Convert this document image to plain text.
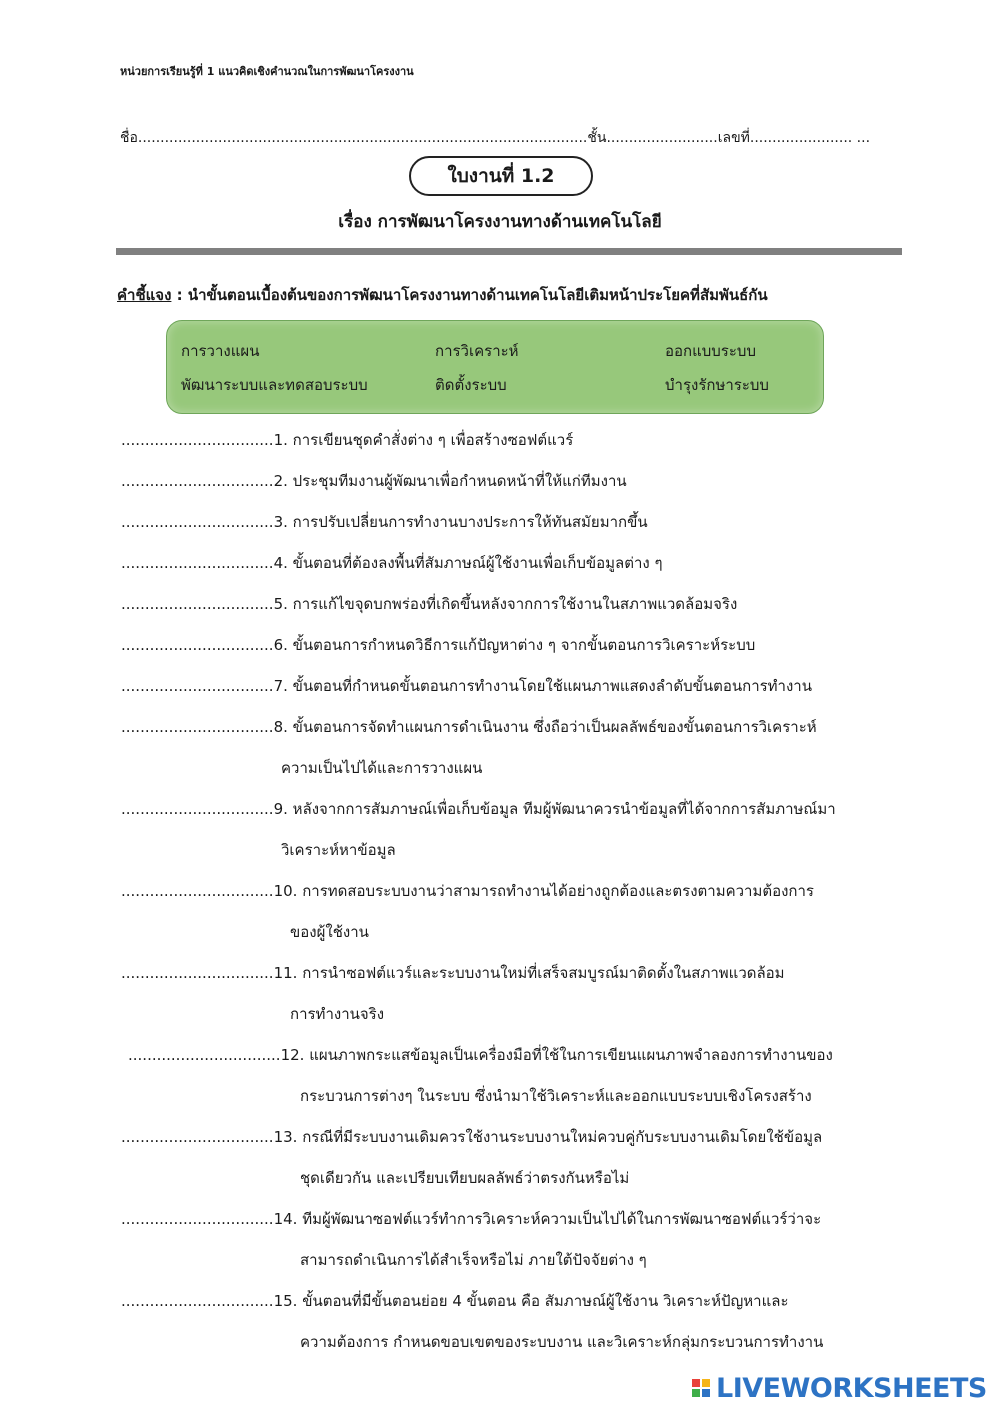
หน่วยการเรียนรู้ที่ 1 แนวคิดเชิงคำนวณในการพัฒนาโครงงาน
ชื่อ.....................................................................................................ชั้น.........................เลขที่....................... ...
ใบงานที่ 1.2
เรื่อง การพัฒนาโครงงานทางด้านเทคโนโลยี
คำชี้แจง : นำขั้นตอนเบื้องต้นของการพัฒนาโครงงานทางด้านเทคโนโลยีเติมหน้าประโยคที่สัมพันธ์กัน
การวางแผน	การวิเคราะห์	ออกแบบระบบ
พัฒนาระบบและทดสอบระบบ	ติดตั้งระบบ	บำรุงรักษาระบบ
................................1. การเขียนชุดคำสั่งต่าง ๆ เพื่อสร้างซอฟต์แวร์
................................2. ประชุมทีมงานผู้พัฒนาเพื่อกำหนดหน้าที่ให้แก่ทีมงาน
................................3. การปรับเปลี่ยนการทำงานบางประการให้ทันสมัยมากขึ้น
................................4. ขั้นตอนที่ต้องลงพื้นที่สัมภาษณ์ผู้ใช้งานเพื่อเก็บข้อมูลต่าง ๆ
................................5. การแก้ไขจุดบกพร่องที่เกิดขึ้นหลังจากการใช้งานในสภาพแวดล้อมจริง
................................6. ขั้นตอนการกำหนดวิธีการแก้ปัญหาต่าง ๆ จากขั้นตอนการวิเคราะห์ระบบ
................................7. ขั้นตอนที่กำหนดขั้นตอนการทำงานโดยใช้แผนภาพแสดงลำดับขั้นตอนการทำงาน
................................8. ขั้นตอนการจัดทำแผนการดำเนินงาน ซึ่งถือว่าเป็นผลลัพธ์ของขั้นตอนการวิเคราะห์
ความเป็นไปได้และการวางแผน
................................9. หลังจากการสัมภาษณ์เพื่อเก็บข้อมูล ทีมผู้พัฒนาควรนำข้อมูลที่ได้จากการสัมภาษณ์มา
วิเคราะห์หาข้อมูล
................................10. การทดสอบระบบงานว่าสามารถทำงานได้อย่างถูกต้องและตรงตามความต้องการ
ของผู้ใช้งาน
................................11. การนำซอฟต์แวร์และระบบงานใหม่ที่เสร็จสมบูรณ์มาติดตั้งในสภาพแวดล้อม
การทำงานจริง
................................12. แผนภาพกระแสข้อมูลเป็นเครื่องมือที่ใช้ในการเขียนแผนภาพจำลองการทำงานของ
กระบวนการต่างๆ ในระบบ ซึ่งนำมาใช้วิเคราะห์และออกแบบระบบเชิงโครงสร้าง
................................13. กรณีที่มีระบบงานเดิมควรใช้งานระบบงานใหม่ควบคู่กับระบบงานเดิมโดยใช้ข้อมูล
ชุดเดียวกัน และเปรียบเทียบผลลัพธ์ว่าตรงกันหรือไม่
................................14. ทีมผู้พัฒนาซอฟต์แวร์ทำการวิเคราะห์ความเป็นไปได้ในการพัฒนาซอฟต์แวร์ว่าจะ
สามารถดำเนินการได้สำเร็จหรือไม่ ภายใต้ปัจจัยต่าง ๆ
................................15. ขั้นตอนที่มีขั้นตอนย่อย 4 ขั้นตอน คือ สัมภาษณ์ผู้ใช้งาน วิเคราะห์ปัญหาและ
ความต้องการ กำหนดขอบเขตของระบบงาน และวิเคราะห์กลุ่มกระบวนการทำงาน
LIVEWORKSHEETS
